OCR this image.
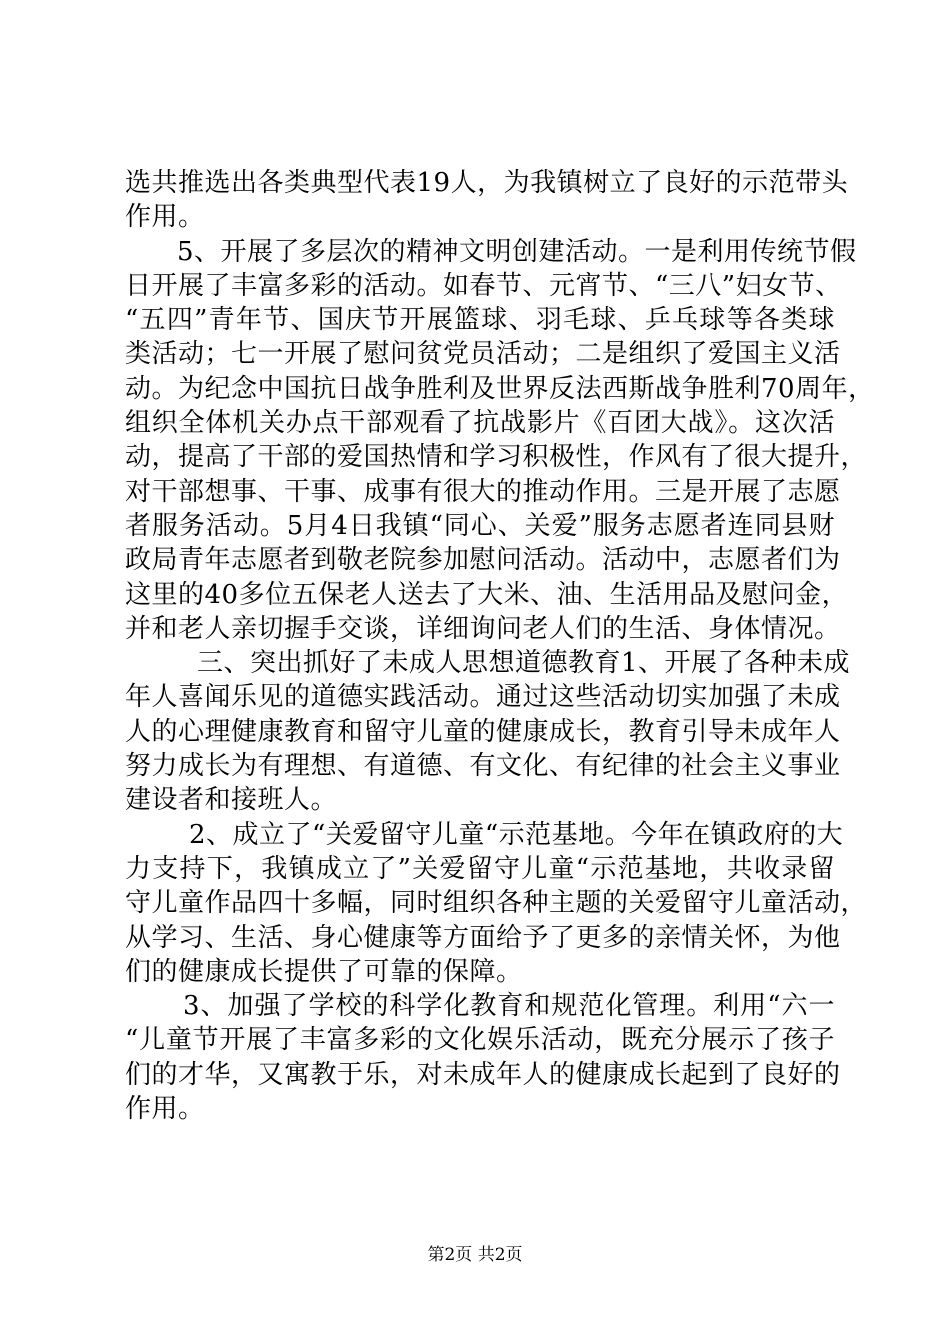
选共推选出各类典型代表19人，为我镇树立了良好的示范带头
作用。
5、开展了多层次的精神文明创建活动。一是利用传统节假
日开展了丰富多彩的活动。如春节、元宵节、“三八”妇女节、
“五四”青年节、国庆节开展篮球、羽毛球、乒乓球等各类球
类活动；七一开展了慰问贫党员活动；二是组织了爱国主义活
动。为纪念中国抗日战争胜利及世界反法西斯战争胜利70周年，
组织全体机关办点干部观看了抗战影片《百团大战》。这次活
动，提高了干部的爱国热情和学习积极性，作风有了很大提升，
对干部想事、干事、成事有很大的推动作用。三是开展了志愿
者服务活动。5月4日我镇“同心、关爱”服务志愿者连同县财
政局青年志愿者到敬老院参加慰问活动。活动中，志愿者们为
这里的40多位五保老人送去了大米、油、生活用品及慰问金，
并和老人亲切握手交谈，详细询问老人们的生活、身体情况。
三、突出抓好了未成人思想道德教育1、开展了各种未成
年人喜闻乐见的道德实践活动。通过这些活动切实加强了未成
人的心理健康教育和留守儿童的健康成长，教育引导未成年人
努力成长为有理想、有道德、有文化、有纪律的社会主义事业
建设者和接班人。
2、成立了“关爱留守儿童“示范基地。今年在镇政府的大
力支持下，我镇成立了”关爱留守儿童“示范基地，共收录留
守儿童作品四十多幅，同时组织各种主题的关爱留守儿童活动，
从学习、生活、身心健康等方面给予了更多的亲情关怀，为他
们的健康成长提供了可靠的保障。
3、加强了学校的科学化教育和规范化管理。利用“六一
“儿童节开展了丰富多彩的文化娱乐活动，既充分展示了孩子
们的才华，又寓教于乐，对未成年人的健康成长起到了良好的
作用。
第2页 共2页
